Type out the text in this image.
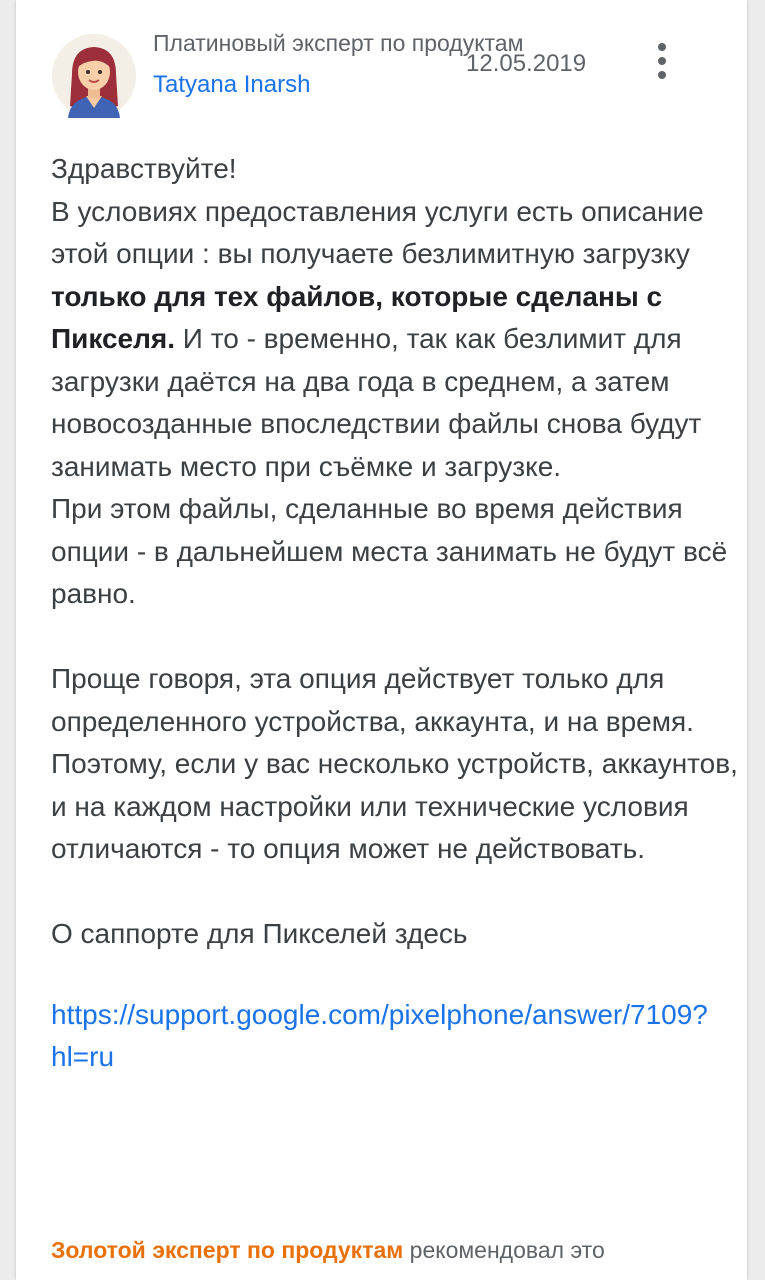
Платиновый эксперт по продуктам
Tatyana Inarsh
12.05.2019

Здравствуйте!

В условиях предоставления услуги есть описание этой опции : вы получаете безлимитную загрузку только для тех файлов, которые сделаны с Пикселя. И то - временно, так как безлимит для загрузки даётся на два года в среднем, а затем новосозданные впоследствии файлы снова будут занимать место при съёмке и загрузке.

При этом файлы, сделанные во время действия опции - в дальнейшем места занимать не будут всё равно.

Проще говоря, эта опция действует только для определенного устройства, аккаунта, и на время.

Поэтому, если у вас несколько устройств, аккаунтов, и на каждом настройки или технические условия отличаются - то опция может не действовать.

О саппорте для Пикселей здесь

https://support.google.com/pixelphone/answer/7109?
hl=ru
Золотой эксперт по продуктам рекомендовал это
